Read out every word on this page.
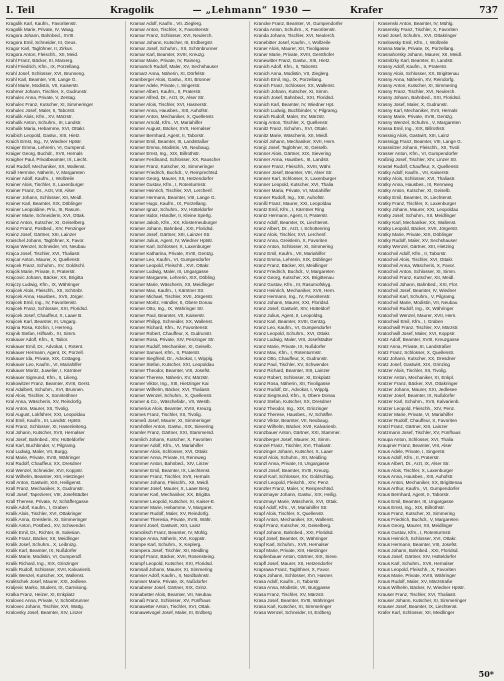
I. Teil	Kragolik	— „Lehmann“ 1930 —	Krafer	737
Kragolik Karl, Kaufm., Favoritenstr.
Kragolik Marie, Private, IV, Waag.
Kragora Johann, Bahnbed., XVIII.
Kragora Emil, Schneider, III, Geus.
Kragor Karl, Taglöhner, II, Zirkus.
Kragora Anton, Fleischh., XII, Meid.
Krahl Franz, Bäcker, III, Marxerg.
Krahl Friedrich, Kfm., IX, Porzellang.
Krahl Josef, Schlosser, XVI, Brunneng.
Krahl Karl, Beamter, VIII, Lange G.
Krahl Marie, Modistin, VII, Kaiserstr.
Krahmer Johann, Tischler, X, Gudrunstr.
Krahulec Anna, Private, V, Zentag.
Krahulec Franz, Kutscher, XI, Simmeringer
Krahulec Josef, Maler, II, Taborstr.
Krahulik Alois, Kfm., XV, Märzstr.
Krahulik Anton, Schuhm., III, Landstr.
Krahulik Maria, Hebamme, XVI, Ottakr.
Kraibich Leopold, Gastw., XIII, Hietz.
Kraich Ernst, Ing., IV, Wiedner Hptstr.
Kraiger Emma, Lehrerin, VI, Gumpend.
Kraiger Georg, Buchdr., XVII, Hernals
Kraigher Paul, Privatbeamter, IX, Liecht.
Krail Rudolf, Mechaniker, XX, Wallenst.
Kraill Hermine, Näherin, V, Margareten
Krainer Adolf, Kaufm., I, Wollzeile
Krainer Alois, Tischler, X, Laxenburger
Krainer Franz, Dr., Arzt, VIII, Alser
Krainer Johann, Schlosser, XII, Meidl.
Krainer Karl, Beamter, XIX, Döblinger
Krainer Leopoldine, Priv., III, Rasum.
Krainer Marie, Schneiderin, XVI, Ottak.
Krainz Anton, Kutscher, XI, Geiselberg.
Krainz Franz, Postbed., XIV, Penzinger
Krainz Josef, Gärtner, XIII, Lainzer
Kraischel Johann, Taglöhner, X, Favor.
Krajan Wenzel, Schneider, VII, Neubau
Krajca Josef, Tischler, XVI, Thaliastr.
Krajcar Anton, Maurer, X, Quellenstr.
Krajcek Franz, Schuhm., XV, Goldschl.
Krajcik Marie, Private, II, Praterstr.
Krajcovic Johann, Bäcker, XX, Brigitta
Krajczy Ludwig, Kfm., IX, Währinger
Krajicek Alois, Fleischh., XII, Schönbr.
Krajicek Anna, Hausbes., XVII, Jörger.
Krajicek Emil, Ing., IV, Favoritenstr.
Krajicek Franz, Schlosser, XXI, Floridsd.
Krajicek Josef, Chauffeur, X, Laaer B.
Krajicek Karl, Beamter, III, Ungarg.
Krajina Rosa, Köchin, I, Herreng.
Krajnik Stefan, Hilfsarb., XI, Simm.
Krakauer Adolf, Kfm., II, Tabor.
Krakauer Emil, Dr., Advokat, I, Rotent.
Krakauer Hermann, Agent, IX, Porzell.
Krakauer Ida, Private, XIX, Cottageg.
Krakauer Leo, Kaufm., VI, Mariahilfer
Krakauer Moritz, Juwelier, I, Kärntner
Krakauer Sigmund, Kfm., II, Lilieng.
Krakowitzer Franz, Beamter, XVIII, Gerst.
Kral Adalbert, Schuhm., XVI, Brunnen.
Kral Alois, Tischler, X, Sonnleithner
Kral Anna, Wäscherin, XV, Reindorfg.
Kral Anton, Maurer, XII, Tivolig.
Kral August, Lokführer, XXI, Leopoldau
Kral Emil, Kaufm., III, Landstr. Hptstr.
Kral Franz, Schlosser, XI, Hasenleiteng.
Kral Johann, Kutscher, XVII, Hernalser
Kral Josef, Bahnbed., XIV, Hütteldorfer
Kral Karl, Buchbinder, V, Pilgramg.
Kral Ludwig, Maler, VII, Burgg.
Kral Marie, Private, XVIII, Währinger
Kral Rudolf, Chauffeur, XX, Dresdner
Kral Wenzel, Schneider, XVI, Koppstr.
Kral Wilhelm, Beamter, XIII, Hietzinger
Krall Anton, Gastwirt, XIX, Heiligenst.
Krall Franz, Mechaniker, X, Gudrunstr.
Krall Josef, Tapezierer, VIII, Josefstädter
Krall Therese, Private, IV, Schäffergasse
Kralik Adolf, Kaufm., I, Graben
Kralik Alois, Tischler, XVI, Ottakringer
Kralik Anna, Greislerin, XI, Simmeringer
Kralik Anton, Postbed., XV, Schwender.
Kralik Emil, Dr., Richter, III, Salesian.
Kralik Franz, Bäcker, XII, Meidlinger
Kralik Josef, Schuhm., X, Leibnizg.
Kralik Karl, Beamter, IX, Nußdorfer
Kralik Marie, Modistin, VI, Gumpendf.
Kralik Richard, Ing., XIX, Grinzinger
Kralik Rudolf, Schlosser, XVII, Kalvarienb.
Kralik Wenzel, Kutscher, XX, Wallenst.
Kralitschek Josef, Maurer, XXI, Jedlese.
Kraljevic Marko, Student, IX, Garnisong.
Kralka Franz, Heizer, XI, Enkplatz
Kralovec Anna, Private, V, Schönbrunner
Kralovec Johann, Tischler, XVI, Wattg.
Kralovsky Josef, Beamter, XIV, Linzer
Kramar Adolf, Kaufm., VII, Zieglerg.
Kramar Anton, Tischler, X, Favoritenstr.
Kramar Franz, Schlosser, XVI, Neulerch.
Kramar Johann, Kutscher, III, Erdbergstr.
Kramar Josef, Schuhm., XII, Schönbrunner
Kramar Karl, Beamter, XVIII, Kreuzg.
Kramar Marie, Private, IV, Rainerg.
Kramarsch Rudolf, Maler, XV, Sechshauser
Kramarz Anna, Näherin, XI, Dörfelstr.
Kramberger Alois, Gastw., XXI, Brünner
Kramer Adele, Private, I, Singerstr.
Kramer Albert, Kaufm., II, Praterstr.
Kramer Alfred, Dr., Arzt, IX, Alser Str.
Kramer Alois, Tischler, XVI, Hasnerstr.
Kramer Anna, Hausbes., XIII, Auhofstr.
Kramer Anton, Mechaniker, X, Quellenstr.
Kramer Arnold, Kfm., VI, Mariahilfer
Kramer August, Bäcker, XVII, Hernalser
Kramer Bernhard, Agent, II, Taborstr.
Kramer Emil, Beamter, III, Landstraßer
Kramer Emma, Modistin, VII, Neubaug.
Kramer Ernst, Ing., XIX, Billrothstr.
Kramer Ferdinand, Schlosser, XX, Rauscher
Kramer Franz, Kutscher, XI, Simmeringer
Kramer Friedrich, Buchdr., V, Reinprechtsd.
Kramer Georg, Maurer, XII, Hetzendorfer
Kramer Gustav, Kfm., I, Rotenturmstr.
Kramer Heinrich, Tischler, XVI, Lerchenf.
Kramer Hermann, Beamter, VIII, Lange G.
Kramer Hugo, Kaufm., IX, Porzellang.
Kramer Ignaz, Schuhm., XV, Hütteldorfer
Kramer Isidor, Händler, II, Kleine Sperlg.
Kramer Jakob, Kfm., XX, Klosterneuburger
Kramer Johann, Bahnbed., XXI, Floridsd.
Kramer Josef, Gärtner, XIII, Lainzer Str.
Kramer Julius, Agent, IV, Wiedner Hptstr.
Kramer Karl, Schlosser, X, Laxenburger
Kramer Katharina, Private, XVIII, Gentzg.
Kramer Leo, Kaufm., VI, Gumpendorfer
Kramer Leopold, Fleischh., XVI, Ottakr.
Kramer Ludwig, Maler, III, Ungargasse
Kramer Margarete, Lehrerin, XIX, Döbling
Kramer Marie, Wäscherin, XII, Meidlinger
Kramer Max, Kaufm., I, Kärntner Str.
Kramer Michael, Tischler, XVII, Jörgerstr.
Kramer Moritz, Händler, II, Obere Donau
Kramer Otto, Ing., IX, Währinger Str.
Kramer Paul, Beamter, VII, Kaiserstr.
Kramer Philipp, Schneider, XX, Wallenst.
Kramer Richard, Kfm., IV, Favoritenstr.
Kramer Robert, Chauffeur, X, Gudrunstr.
Kramer Rosa, Private, XIV, Penzinger Str.
Kramer Rudolf, Mechaniker, XI, Geiselb.
Kramer Samuel, Kfm., II, Praterstr.
Kramer Siegfried, Dr., Advokat, I, Wipplg.
Kramer Stefan, Kutscher, XXI, Leopoldau
Kramer Theodor, Beamter, VIII, Josefst.
Kramer Therese, Näherin, XV, Märzstr.
Kramer Viktor, Ing., XIII, Hietzinger Kai
Kramer Wilhelm, Bäcker, XVI, Thaliastr.
Kramer Wenzel, Schuhm., X, Quellenstr.
Kramer & Co., Wäschefabr., VII, Westb.
Kramerius Alois, Beamter, XVIII, Kreuzg.
Krames Franz, Tischler, XII, Tivolig.
Krameß Josef, Maurer, XI, Simmeringer
Kramhöller Anton, Gastw., XIX, Sievering
Kramler Franz, Gärtner, XXI, Stammersd.
Kramlich Johann, Kutscher, X, Favoriten
Krammer Adolf, Kfm., VI, Mariahilfer
Krammer Alois, Schlosser, XVI, Ottakr.
Krammer Anna, Private, III, Rennweg
Krammer Anton, Bahnbed., XIV, Linzer
Krammer Emil, Beamter, IX, Liechtenst.
Krammer Franz, Tischler, XVII, Hernals
Krammer Johann, Fleischh., XII, Meidl.
Krammer Josef, Maurer, X, Laaer Berg
Krammer Karl, Mechaniker, XX, Brigitta
Krammer Leopold, Kutscher, XI, Kaiser-E.
Krammer Marie, Hebamme, V, Margaret.
Krammer Rudolf, Maler, XV, Reindorfg.
Krammer Theresia, Private, XVIII, Währ.
Kramml Josef, Gastwirt, XIII, Lainz
Kramolisch Franz, Beamter, IV, Mühlg.
Krampe Anna, Näherin, XVI, Koppstr.
Krampe Karl, Schuhm., X, Keplerg.
Krampera Josef, Tischler, XII, Meidling
Krampf Franz, Bäcker, XVII, Rosensteing.
Krampf Leopold, Kutscher, XXI, Floridsd.
Kramsall Johann, Maurer, XI, Simmering
Kramser Adolf, Kaufm., II, Nordbahnstr.
Kramser Marie, Private, IX, Nußdorfer
Kranabeter Josef, Gärtner, XIX, Grinz.
Kranabetter Alois, Beamter, VII, Neubau
Kranaß Franz, Schlosser, XV, Fünfhaus
Kranawetter Anton, Tischler, XVI, Ottak.
Kranawetvogel Josef, Maler, III, Erdberg
Krancke Franz, Beamter, VI, Gumpendorfer
Kranda Anton, Schuhm., X, Favoritenstr.
Kranda Johann, Tischler, XVI, Neulerch.
Kranebitter Josef, Kaufm., I, Wollzeile
Kraner Alois, Maurer, XII, Tivoligasse
Kraner Marie, Private, XVIII, Gersthofer
Kranewitter Franz, Gastw., XIII, Hietz.
Kranich Adolf, Kfm., II, Taborstr.
Kranich Anna, Modistin, VII, Zieglerg.
Kranich Emil, Ing., IX, Porzellang.
Kranich Franz, Schlosser, XX, Wallenst.
Kranich Johann, Kutscher, XI, Simm.
Kranich Josef, Bahnbed., XXI, Floridsd.
Kranich Karl, Beamter, IV, Wiedner Hpt.
Kranich Ludwig, Buchbinder, V, Pilgramg.
Kranich Rudolf, Maler, XV, Märzstr.
Kranig Anton, Tischler, X, Quellenstr.
Kranitz Franz, Schuhm., XVI, Ottakr.
Kranitz Marie, Wäscherin, XII, Meidl.
Kranizl Johann, Mechaniker, XVII, Hern.
Kranjc Josef, Taglöhner, XI, Geiselb.
Kranner Alois, Gärtner, XIX, Sievering
Kranner Anna, Hausbes., III, Landstr.
Kranner Franz, Fleischh., XVIII, Währ.
Kranner Josef, Beamter, VIII, Alser Str.
Kranner Karl, Schlosser, X, Laxenburger
Kranner Leopold, Kutscher, XVI, Thalia
Kranner Maria, Private, VI, Mariahilfer
Kranner Rudolf, Ing., XIII, Auhofstr.
Kranßl Franz, Maurer, XXI, Leopoldau
Krantz Emil, Kfm., I, Kärntner Ring
Krantz Hermann, Agent, II, Praterstr.
Kranz Adolf, Beamter, IX, Liechtenst.
Kranz Albert, Dr., Arzt, I, Schottenring
Kranz Alois, Tischler, XVI, Lerchenf.
Kranz Anna, Greislerin, X, Favoriten
Kranz Anton, Schlosser, XI, Simmering
Kranz Emil, Kaufm., VII, Mariahilfer
Kranz Emma, Lehrerin, XIX, Döblinger
Kranz Franz, Bäcker, XII, Meidlinger
Kranz Friedrich, Buchdr., V, Margareten
Kranz Georg, Kutscher, XX, Brigittenau
Kranz Gustav, Kfm., III, Rasumofskyg.
Kranz Heinrich, Mechaniker, XVII, Hern.
Kranz Hermann, Ing., IV, Favoritenstr.
Kranz Johann, Maurer, XXI, Floridsd.
Kranz Josef, Gastwirt, XIV, Hütteldorf
Kranz Julius, Agent, II, Leopoldsg.
Kranz Karl, Beamter, XVIII, Gentzg.
Kranz Leo, Kaufm., VI, Gumpendorfer
Kranz Leopold, Schuhm., XVI, Ottakr.
Kranz Ludwig, Maler, VIII, Josefstädter
Kranz Marie, Private, IX, Nußdorfer
Kranz Max, Kfm., I, Rotenturmstr.
Kranz Otto, Chauffeur, X, Gudrunstr.
Kranz Paul, Tischler, XV, Schwender.
Kranz Richard, Beamter, XIII, Lainzer
Kranz Robert, Schlosser, XI, Enkplatz
Kranz Rosa, Näherin, XII, Tivoligasse
Kranz Rudolf, Dr., Advokat, I, Wipplg.
Kranz Siegmund, Kfm., II, Obere Donau
Kranz Stefan, Kutscher, XX, Dresdner
Kranz Theodor, Ing., XIX, Grinzinger
Kranz Therese, Hausbes., IV, Schäffer.
Kranz Viktor, Beamter, VII, Neubaug.
Kranz Wilhelm, Bäcker, XVII, Kalvarienb.
Kranzbauer Anton, Gärtner, XXI, Stammer.
Kranzberger Josef, Maurer, XI, Simm.
Kranzel Franz, Tischler, XVI, Thaliastr.
Kranzinger Johann, Kutscher, X, Laaer
Kranzl Alois, Schuhm., XII, Meidling
Kranzl Anna, Private, III, Ungargasse
Kranzl Josef, Beamter, XVIII, Kreuzg.
Kranzl Karl, Schlosser, XV, Goldschlag.
Kranzl Leopold, Fleischh., XIV, Penz.
Kranzler Franz, Maler, V, Reinprechtsd.
Kranzmayer Johann, Gastw., XIX, Heilig.
Kranzmayr Marie, Wäscherin, XVI, Ottak.
Krapf Adolf, Kfm., VI, Mariahilfer Str.
Krapf Alois, Tischler, X, Quellenstr.
Krapf Anton, Mechaniker, XX, Wallenst.
Krapf Franz, Kutscher, XI, Geiselberg.
Krapf Johann, Bahnbed., XXI, Floridsd.
Krapf Josef, Beamter, IX, Währinger
Krapf Karl, Schuhm., XVII, Hernalser
Krapf Marie, Private, XIII, Hietzinger
Krapfenbauer Anton, Gärtner, XIX, Sieve.
Krapfl Josef, Maurer, XII, Hetzendorfer
Kraprawa Franz, Taglöhner, X, Favor.
Kraps Johann, Schlosser, XVI, Hasner.
Krasa Adolf, Kaufm., II, Taborstr.
Krasa Anna, Modistin, VII, Burggasse
Krasa Franz, Tischler, XV, Märzstr.
Krasa Josef, Beamter, XVIII, Währinger
Krasa Karl, Kutscher, XI, Simmeringer
Krasa Wenzel, Schneider, III, Erdberg
Krasenski Anton, Beamter, IV, Mühlg.
Krasensky Franz, Tischler, X, Favoriten
Krasl Josef, Schuhm., XVI, Ottakringer
Kraslowsky Emil, Kfm., I, Wollzeile
Krasna Marie, Private, IX, Porzellang.
Krasnahorsky Johann, Maurer, XII, Meidl.
Krasnitzky Karl, Beamter, III, Landstr.
Krasny Adolf, Kaufm., II, Praterstr.
Krasny Alois, Schlosser, XX, Brigittenau
Krasny Anna, Näherin, XV, Reindorfg.
Krasny Anton, Kutscher, XI, Simmering
Krasny Franz, Tischler, XVI, Neulerch.
Krasny Johann, Bahnbed., XXI, Floridsd.
Krasny Josef, Maler, X, Gudrunstr.
Krasny Karl, Mechaniker, XVII, Hernals
Krasny Marie, Private, XVIII, Gentzg.
Krasny Wenzel, Schuhm., V, Margareten
Krassa Emil, Ing., XIX, Billrothstr.
Krassnig Alois, Gastwirt, XIII, Lainz
Krassnigg Franz, Beamter, VIII, Lange G.
Krassnitzer Johann, Fleischh., XII, Tivoli
Krasser Anton, Kfm., VI, Gumpendorfer
Kraßnig Josef, Tischler, XIV, Linzer Str.
Krastel Rudolf, Chauffeur, X, Quellenstr.
Kratky Adolf, Kaufm., VII, Kaiserstr.
Kratky Alois, Schlosser, XVI, Thaliastr.
Kratky Anna, Hausbes., III, Rennweg
Kratky Anton, Kutscher, XI, Geiselb.
Kratky Emil, Beamter, IX, Liechtenst.
Kratky Franz, Tischler, X, Laxenburger
Kratky Johann, Maurer, XXI, Leopoldau
Kratky Josef, Schuhm., XII, Meidlinger
Kratky Karl, Mechaniker, XX, Wallenst.
Kratky Leopold, Bäcker, XVII, Jörgerstr.
Kratky Marie, Private, XIX, Döblinger
Kratky Rudolf, Maler, XV, Sechshauser
Kratky Wenzel, Gärtner, XIII, Hietzing
Kratochvil Adolf, Kfm., II, Taborstr.
Kratochvil Alois, Tischler, XVI, Ottakr.
Kratochvil Anna, Wäscherin, X, Favor.
Kratochvil Anton, Schlosser, XI, Simm.
Kratochvil Franz, Kutscher, XII, Meidl.
Kratochvil Johann, Bahnbed., XXI, Flor.
Kratochvil Josef, Beamter, IV, Wiedner
Kratochvil Karl, Schuhm., V, Pilgramg.
Kratochvil Marie, Modistin, VII, Neubau
Kratochvil Rudolf, Ing., IX, Währinger
Kratochvil Wenzel, Maurer, XVII, Hern.
Kratochwil Emil, Kfm., I, Graben
Kratochwill Franz, Tischler, XV, Märzstr.
Kratochwill Josef, Maler, XVI, Koppstr.
Kratz Adolf, Beamter, XVIII, Kreuzgasse
Kratz Anna, Private, III, Landstraßer
Kratz Franz, Schlosser, X, Quellenstr.
Kratz Johann, Kutscher, XX, Dresdner
Kratz Josef, Gastwirt, XIX, Grinzing
Kratzer Alois, Tischler, XII, Tivolig.
Kratzer Anton, Mechaniker, XI, Enkpl.
Kratzer Franz, Bäcker, XVI, Ottakringer
Kratzer Johann, Maurer, XXI, Jedlesee
Kratzer Josef, Beamter, IX, Nußdorfer
Kratzer Karl, Schuhm., XVII, Kalvarienb.
Kratzer Leopold, Fleischh., XIV, Penz.
Kratzer Marie, Private, VI, Mariahilfer
Kratzer Rudolf, Chauffeur, X, Favoriten
Kratzl Franz, Gärtner, XIII, Lainzer
Kratzmann Josef, Tischler, XV, Fünfhaus
Kraupa Anton, Schlosser, XVI, Thalia
Kraupner Franz, Beamter, VIII, Alser
Kraus Adele, Private, I, Singerstr.
Kraus Adolf, Kfm., II, Praterstr.
Kraus Albert, Dr., Arzt, IX, Alser Str.
Kraus Alois, Tischler, X, Laxenburger
Kraus Anna, Hausbes., XIII, Auhofstr.
Kraus Anton, Mechaniker, XX, Brigittenau
Kraus Arthur, Kaufm., VI, Gumpendorfer
Kraus Bernhard, Agent, II, Taborstr.
Kraus Emil, Beamter, III, Ungargasse
Kraus Ernst, Ing., XIX, Billrothstr.
Kraus Franz, Kutscher, XI, Simmering
Kraus Friedrich, Buchdr., V, Margareten
Kraus Georg, Maurer, XII, Meidlinger
Kraus Gustav, Kfm., I, Rotenturmstr.
Kraus Heinrich, Schlosser, XVI, Ottakr.
Kraus Hermann, Beamter, VIII, Josefst.
Kraus Johann, Bahnbed., XXI, Floridsd.
Kraus Josef, Gärtner, XIV, Hütteldorfer
Kraus Karl, Schuhm., XVII, Hernalser
Kraus Leopold, Fleischh., X, Favoriten
Kraus Marie, Private, XVIII, Währinger
Kraus Rudolf, Maler, XV, Märzstraße
Kraus Wilhelm, Bäcker, IV, Wiedner Hptstr.
Krauser Franz, Tischler, XVI, Thaliastr.
Krauser Johann, Kutscher, XI, Simmeringer
Krauser Josef, Beamter, IX, Liechtenst.
Krafer Karl, Schlosser, XII, Meidlinger
50*
